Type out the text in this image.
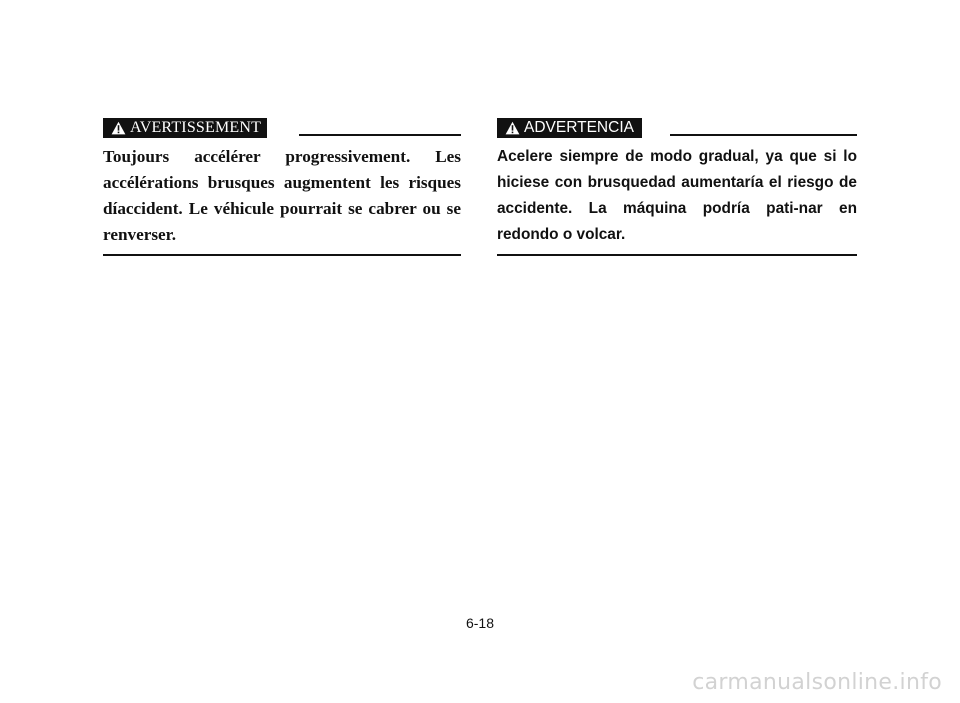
AVERTISSEMENT

Toujours accélérer progressivement. Les accélérations brusques augmentent les risques díaccident. Le véhicule pourrait se cabrer ou se renverser.

ADVERTENCIA

Acelere siempre de modo gradual, ya que si lo hiciese con brusquedad aumentaría el riesgo de accidente. La máquina podría pati-nar en redondo o volcar.

6-18
carmanualsonline.info
